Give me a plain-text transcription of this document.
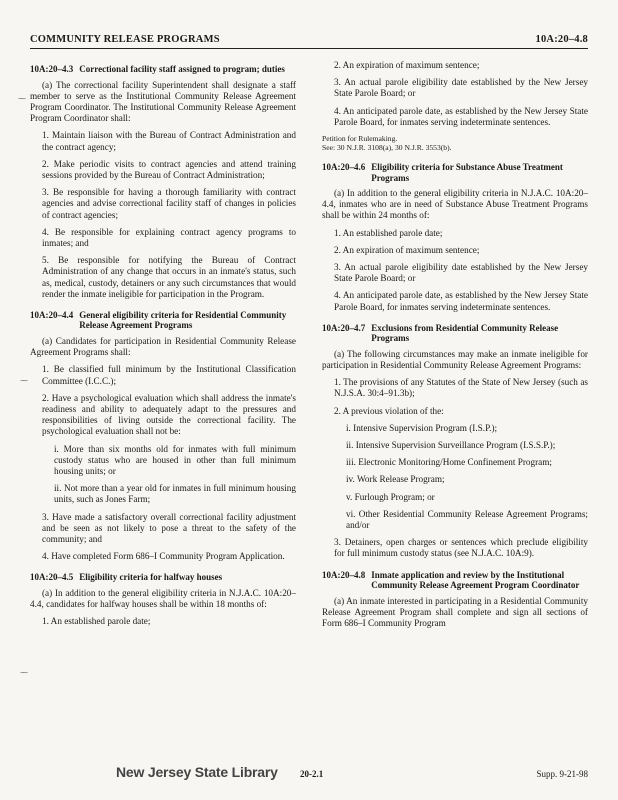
COMMUNITY RELEASE PROGRAMS	10A:20–4.8
⁓
⁓
⁓
10A:20–4.3 Correctional facility staff assigned to program; duties

(a) The correctional facility Superintendent shall designate a staff member to serve as the Institutional Community Release Agreement Program Coordinator. The Institutional Community Release Agreement Program Coordinator shall:

1. Maintain liaison with the Bureau of Contract Administration and the contract agency;

2. Make periodic visits to contract agencies and attend training sessions provided by the Bureau of Contract Administration;

3. Be responsible for having a thorough familiarity with contract agencies and advise correctional facility staff of changes in policies of contract agencies;

4. Be responsible for explaining contract agency programs to inmates; and

5. Be responsible for notifying the Bureau of Contract Administration of any change that occurs in an inmate's status, such as, medical, custody, detainers or any such circumstances that would render the inmate ineligible for participation in the Program.

10A:20–4.4 General eligibility criteria for Residential Community Release Agreement Programs

(a) Candidates for participation in Residential Community Release Agreement Programs shall:

1. Be classified full minimum by the Institutional Classification Committee (I.C.C.);

2. Have a psychological evaluation which shall address the inmate's readiness and ability to adequately adapt to the pressures and responsibilities of living outside the correctional facility. The psychological evaluation shall not be:

i. More than six months old for inmates with full minimum custody status who are housed in other than full minimum housing units; or

ii. Not more than a year old for inmates in full minimum housing units, such as Jones Farm;

3. Have made a satisfactory overall correctional facility adjustment and be seen as not likely to pose a threat to the safety of the community; and

4. Have completed Form 686–I Community Program Application.

10A:20–4.5 Eligibility criteria for halfway houses

(a) In addition to the general eligibility criteria in N.J.A.C. 10A:20–4.4, candidates for halfway houses shall be within 18 months of:

1. An established parole date;

2. An expiration of maximum sentence;

3. An actual parole eligibility date established by the New Jersey State Parole Board; or

4. An anticipated parole date, as established by the New Jersey State Parole Board, for inmates serving indeterminate sentences.

Petition for Rulemaking.
See: 30 N.J.R. 3108(a), 30 N.J.R. 3553(b).
10A:20–4.6 Eligibility criteria for Substance Abuse Treatment Programs

(a) In addition to the general eligibility criteria in N.J.A.C. 10A:20–4.4, inmates who are in need of Substance Abuse Treatment Programs shall be within 24 months of:

1. An established parole date;

2. An expiration of maximum sentence;

3. An actual parole eligibility date established by the New Jersey State Parole Board; or

4. An anticipated parole date, as established by the New Jersey State Parole Board, for inmates serving indeterminate sentences.

10A:20–4.7 Exclusions from Residential Community Release Programs

(a) The following circumstances may make an inmate ineligible for participation in Residential Community Release Agreement Programs:

1. The provisions of any Statutes of the State of New Jersey (such as N.J.S.A. 30:4–91.3b);

2. A previous violation of the:

i. Intensive Supervision Program (I.S.P.);

ii. Intensive Supervision Surveillance Program (I.S.S.P.);

iii. Electronic Monitoring/Home Confinement Program;

iv. Work Release Program;

v. Furlough Program; or

vi. Other Residential Community Release Agreement Programs; and/or

3. Detainers, open charges or sentences which preclude eligibility for full minimum custody status (see N.J.A.C. 10A:9).

10A:20–4.8 Inmate application and review by the Institutional Community Release Agreement Program Coordinator

(a) An inmate interested in participating in a Residential Community Release Agreement Program shall complete and sign all sections of Form 686–I Community Program

New Jersey State Library 20-2.1	Supp. 9-21-98
